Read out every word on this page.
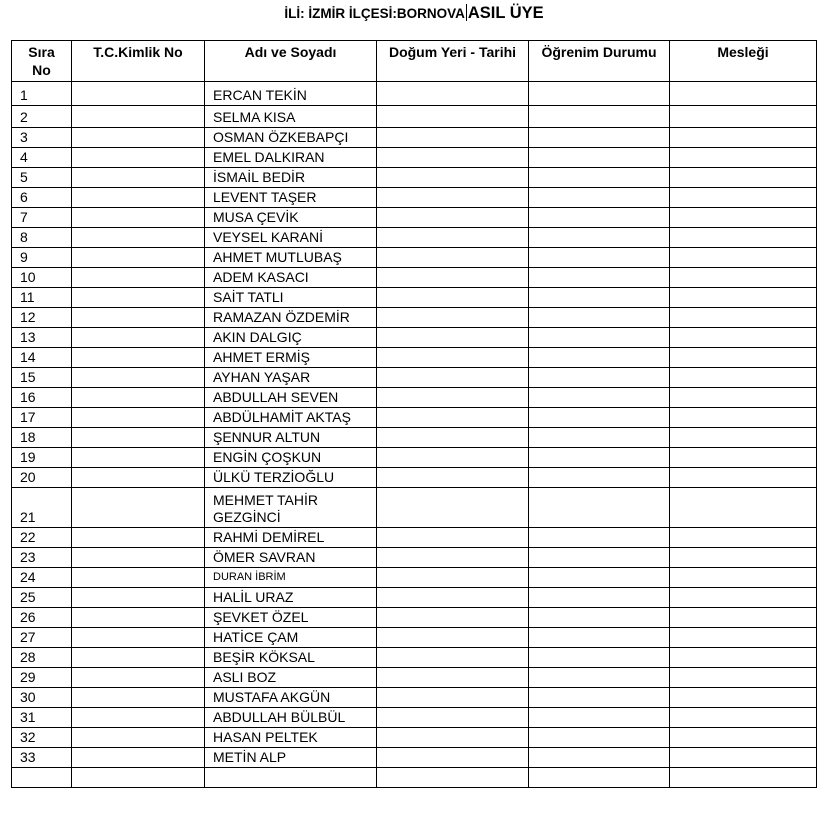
İLİ: İZMİR İLÇESİ:BORNOVA ASIL ÜYE
Sıra
No	T.C.Kimlik No	Adı ve Soyadı	Doğum Yeri - Tarihi	Öğrenim Durumu	Mesleği
1		ERCAN TEKİN			
2		SELMA KISA			
3		OSMAN ÖZKEBAPÇI			
4		EMEL DALKIRAN			
5		İSMAİL BEDİR			
6		LEVENT TAŞER			
7		MUSA ÇEVİK			
8		VEYSEL KARANİ			
9		AHMET MUTLUBAŞ			
10		ADEM KASACI			
11		SAİT TATLI			
12		RAMAZAN ÖZDEMİR			
13		AKIN DALGIÇ			
14		AHMET ERMİŞ			
15		AYHAN YAŞAR			
16		ABDULLAH SEVEN			
17		ABDÜLHAMİT AKTAŞ			
18		ŞENNUR ALTUN			
19		ENGİN ÇOŞKUN			
20		ÜLKÜ TERZİOĞLU			
21		MEHMET TAHİR GEZGİNCİ			
22		RAHMİ DEMİREL			
23		ÖMER SAVRAN			
24		DURAN İBRİM			
25		HALİL URAZ			
26		ŞEVKET ÖZEL			
27		HATİCE ÇAM			
28		BEŞİR KÖKSAL			
29		ASLI BOZ			
30		MUSTAFA AKGÜN			
31		ABDULLAH BÜLBÜL			
32		HASAN PELTEK			
33		METİN ALP			
